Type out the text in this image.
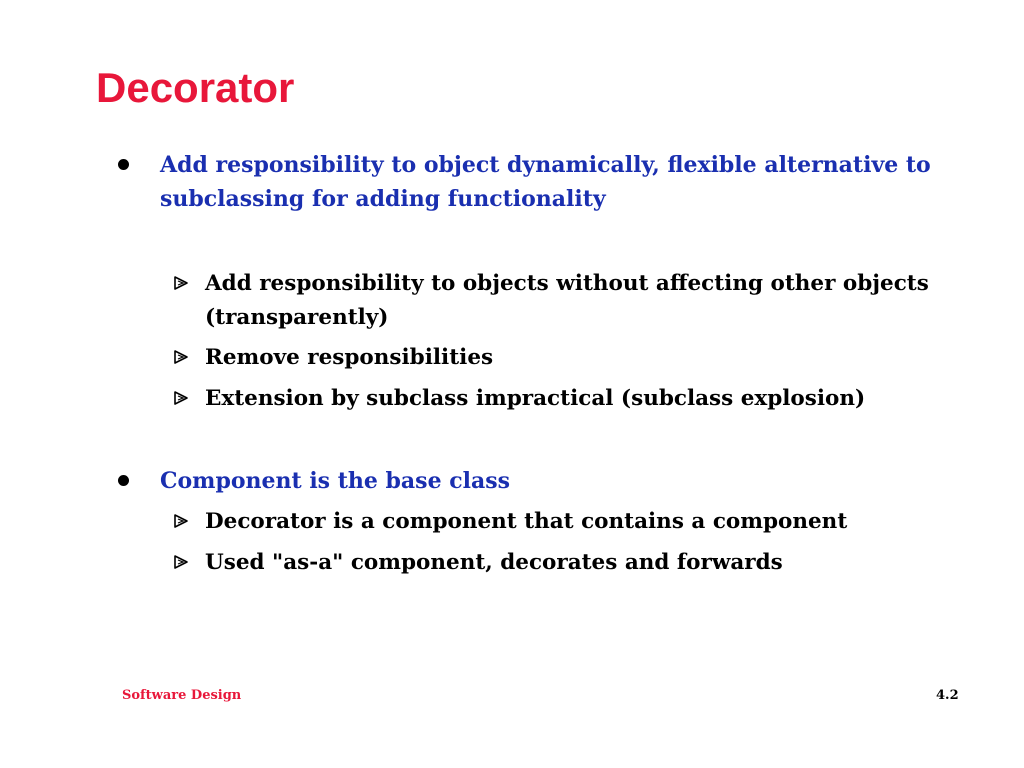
Decorator
Add responsibility to object dynamically, flexible alternative to subclassing for adding functionality
Add responsibility to objects without affecting other objects (transparently)
Remove responsibilities
Extension by subclass impractical (subclass explosion)
Component is the base class
Decorator is a component that contains a component
Used "as-a" component, decorates and forwards
Software Design	4.2
